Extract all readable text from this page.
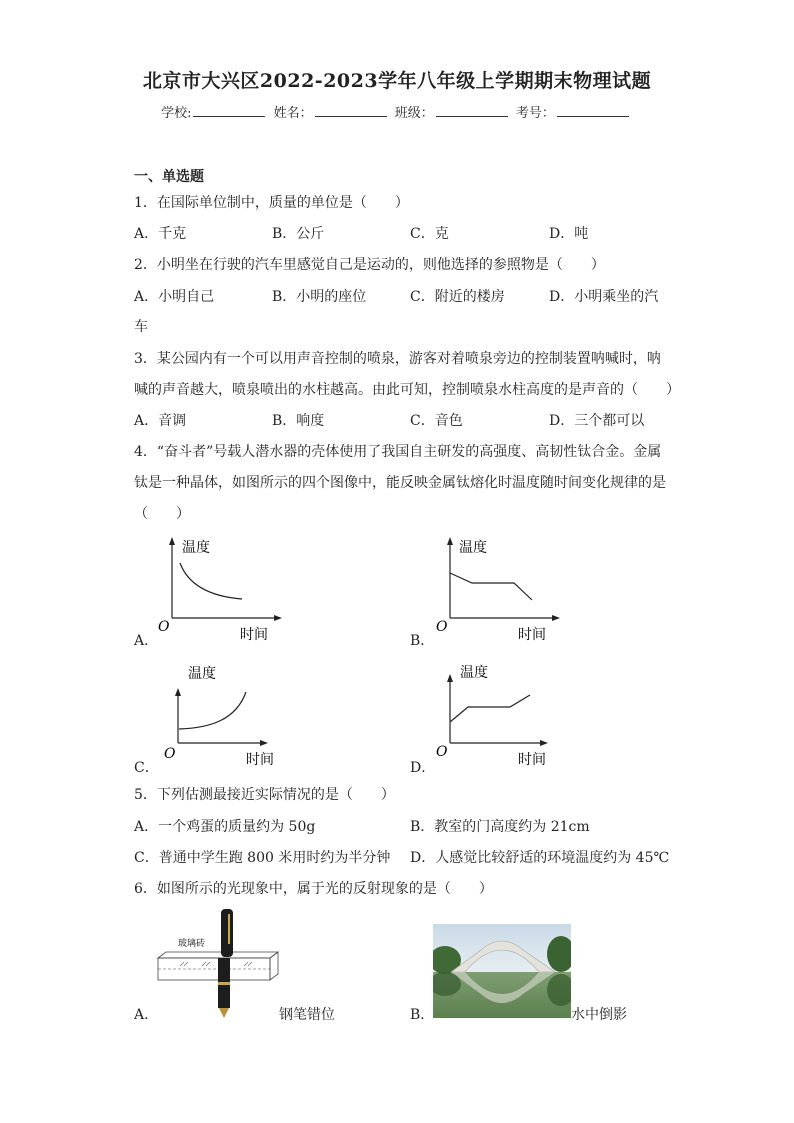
北京市大兴区2022-2023学年八年级上学期期末物理试题
学校:	姓名：	班级：	考号：
一、单选题
1．在国际单位制中，质量的单位是（　　）
A．千克	B．公斤	C．克	D．吨
2．小明坐在行驶的汽车里感觉自己是运动的，则他选择的参照物是（　　）
A．小明自己	B．小明的座位	C．附近的楼房	D．小明乘坐的汽
车
3．某公园内有一个可以用声音控制的喷泉，游客对着喷泉旁边的控制装置呐喊时，呐
喊的声音越大，喷泉喷出的水柱越高。由此可知，控制喷泉水柱高度的是声音的（　　）
A．音调	B．响度	C．音色	D．三个都可以
4．“奋斗者”号载人潜水器的壳体使用了我国自主研发的高强度、高韧性钛合金。金属
钛是一种晶体，如图所示的四个图像中，能反映金属钛熔化时温度随时间变化规律的是
（　　）
温度
时间
O
A．
温度
时间
O
B．
温度
时间
O
C．
温度
时间
O
D．
5．下列估测最接近实际情况的是（　　）
A．一个鸡蛋的质量约为 50g	B．教室的门高度约为 21cm
C．普通中学生跑 800 米用时约为半分钟 D．人感觉比较舒适的环境温度约为 45℃
6．如图所示的光现象中，属于光的反射现象的是（　　）
玻璃砖
A．	钢笔错位	B．	水中倒影
